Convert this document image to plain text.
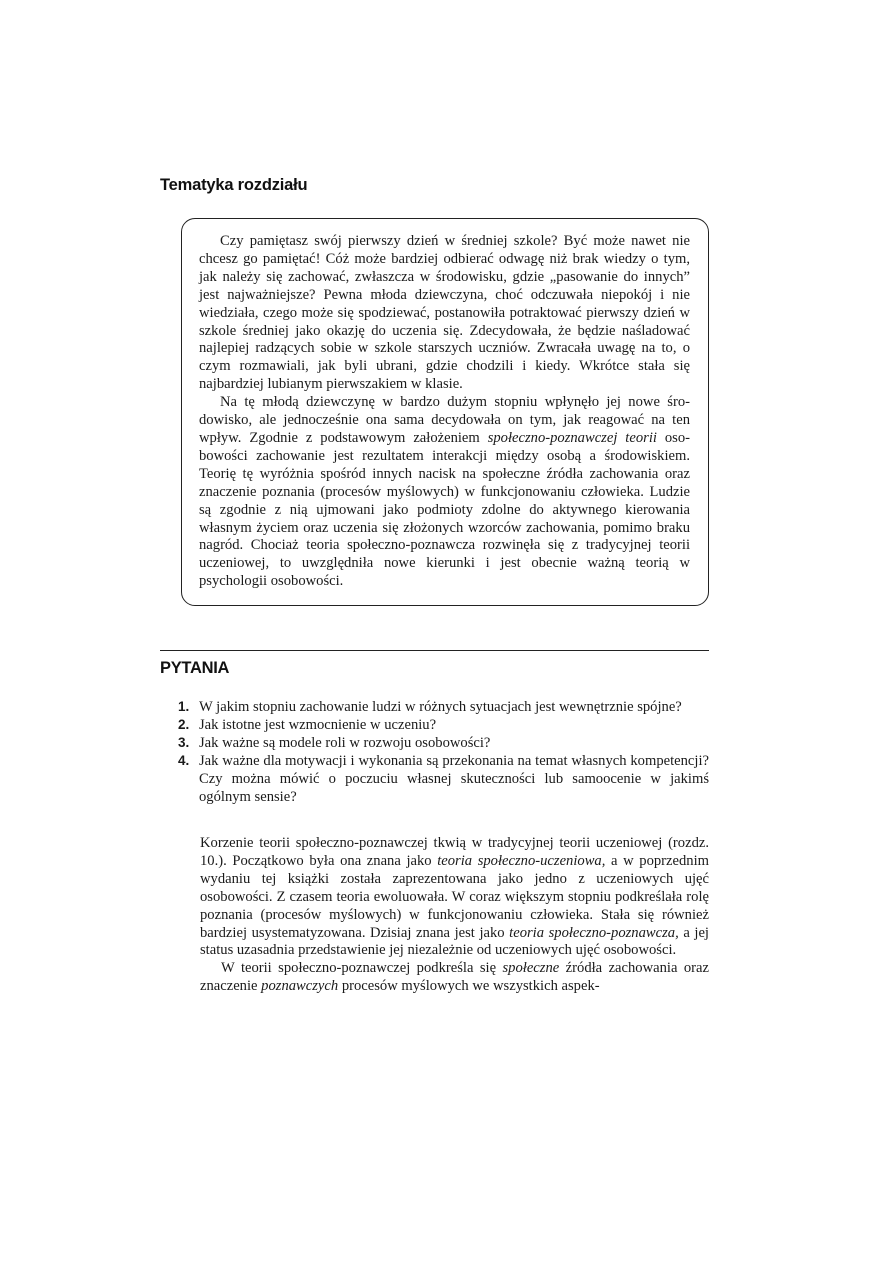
Tematyka rozdziału

Czy pamiętasz swój pierwszy dzień w średniej szkole? Być może nawet nie chcesz go pamiętać! Cóż może bardziej odbierać odwagę niż brak wiedzy o tym, jak należy się zachować, zwłaszcza w środowisku, gdzie „pasowanie do innych” jest najważniejsze? Pewna młoda dziewczyna, choć odczuwała niepokój i nie wiedziała, czego może się spodziewać, postanowiła potraktować pierwszy dzień w szkole średniej jako okazję do uczenia się. Zdecydowała, że będzie naśladować najlepiej radzących sobie w szkole starszych uczniów. Zwracała uwagę na to, o czym rozmawiali, jak byli ubrani, gdzie chodzili i kiedy. Wkrótce stała się najbardziej lubianym pierwszakiem w klasie.

Na tę młodą dziewczynę w bardzo dużym stopniu wpłynęło jej nowe środowisko, ale jednocześnie ona sama decydowała on tym, jak reagować na ten wpływ. Zgodnie z podstawowym założeniem społeczno-poznawczej teorii osobowości zachowanie jest rezultatem interakcji między osobą a środowiskiem. Teorię tę wyróżnia spośród innych nacisk na społeczne źródła zachowania oraz znaczenie poznania (procesów myślowych) w funkcjonowaniu człowieka. Ludzie są zgodnie z nią ujmowani jako podmioty zdolne do aktywnego kierowania własnym życiem oraz uczenia się złożonych wzorców zachowania, pomimo braku nagród. Chociaż teoria społeczno-poznawcza rozwinęła się z tradycyjnej teorii uczeniowej, to uwzględniła nowe kierunki i jest obecnie ważną teorią w psychologii osobowości.

PYTANIA
1. W jakim stopniu zachowanie ludzi w różnych sytuacjach jest wewnętrznie spójne?
2. Jak istotne jest wzmocnienie w uczeniu?
3. Jak ważne są modele roli w rozwoju osobowości?
4. Jak ważne dla motywacji i wykonania są przekonania na temat własnych kompetencji? Czy można mówić o poczuciu własnej skuteczności lub samoocenie w jakimś ogólnym sensie?

Korzenie teorii społeczno-poznawczej tkwią w tradycyjnej teorii uczeniowej (rozdz. 10.). Początkowo była ona znana jako teoria społeczno-uczeniowa, a w poprzednim wydaniu tej książki została zaprezentowana jako jedno z uczeniowych ujęć osobowości. Z czasem teoria ewoluowała. W coraz większym stopniu podkreślała rolę poznania (procesów myślowych) w funkcjonowaniu człowieka. Stała się również bardziej usystematyzowana. Dzisiaj znana jest jako teoria społeczno-poznawcza, a jej status uzasadnia przedstawienie jej niezależnie od uczeniowych ujęć osobowości.

W teorii społeczno-poznawczej podkreśla się społeczne źródła zachowania oraz znaczenie poznawczych procesów myślowych we wszystkich aspek-
